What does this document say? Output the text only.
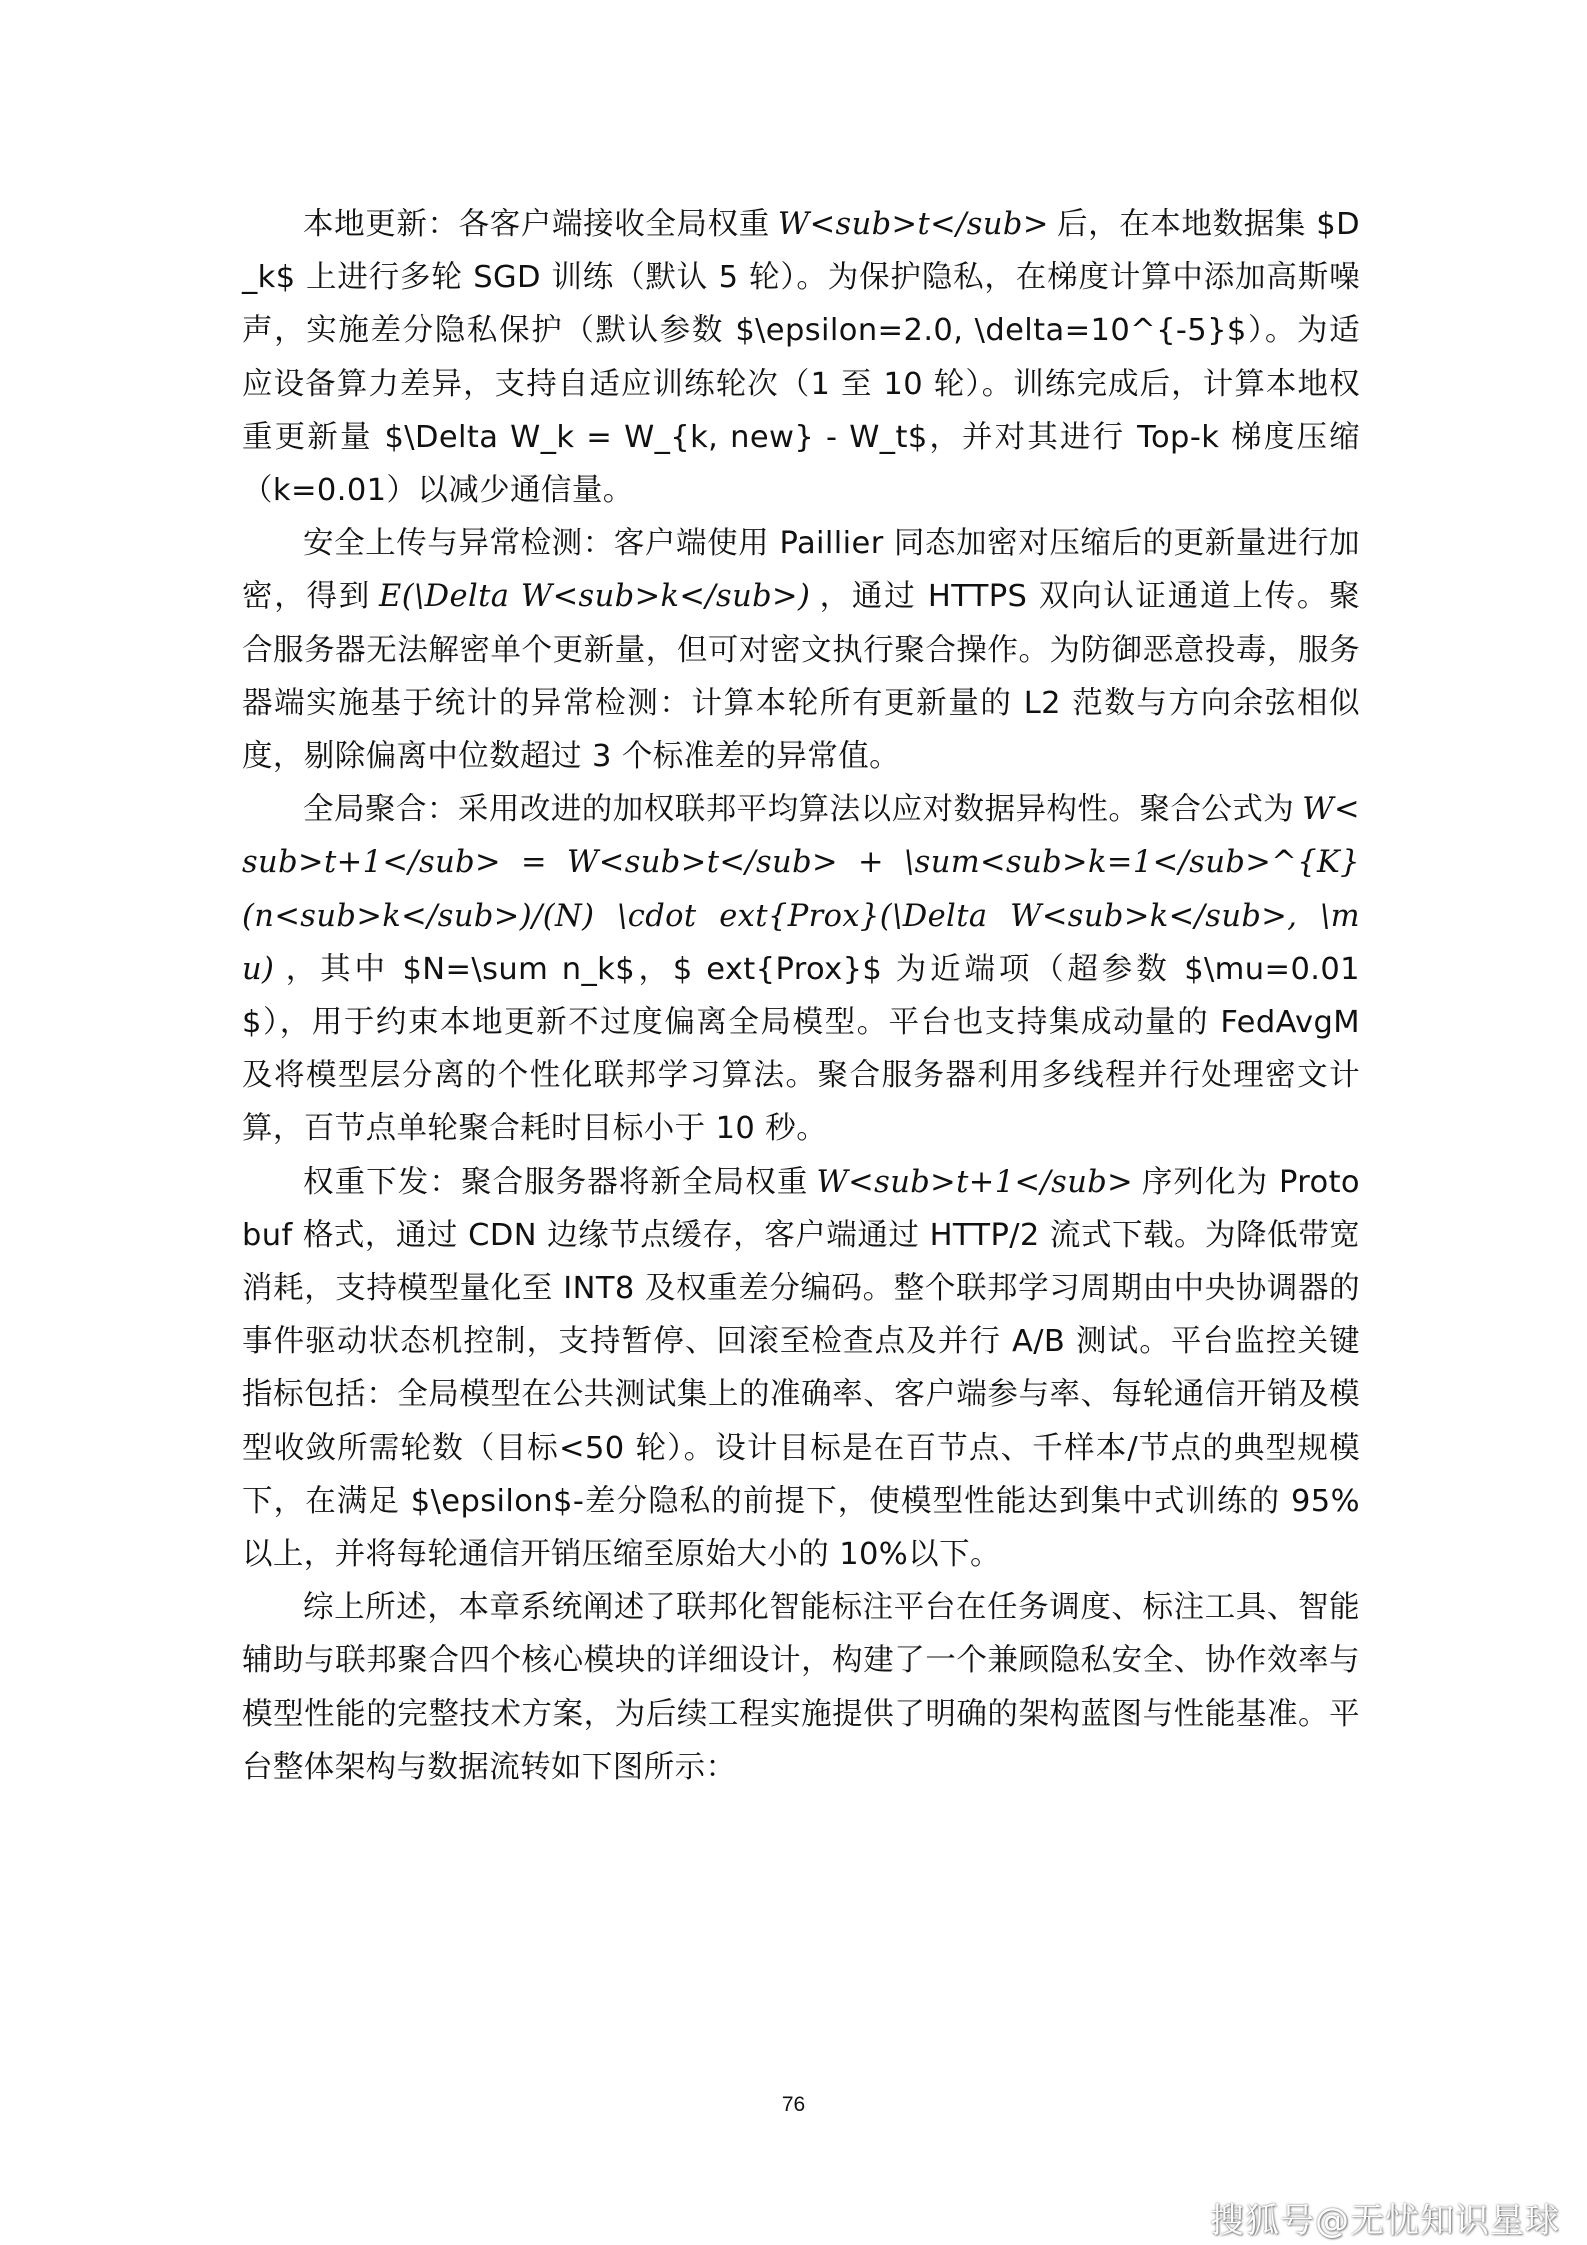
本地更新：各客户端接收全局权重 W<sub>t</sub> 后，在本地数据集 $D_k$ 上进行多轮 SGD 训练（默认 5 轮）。为保护隐私，在梯度计算中添加高斯噪声，实施差分隐私保护（默认参数 $\epsilon=2.0, \delta=10^{-5}$）。为适应设备算力差异，支持自适应训练轮次（1 至 10 轮）。训练完成后，计算本地权重更新量 $\Delta W_k = W_{k, new} - W_t$，并对其进行 Top-k 梯度压缩（k=0.01）以减少通信量。

安全上传与异常检测：客户端使用 Paillier 同态加密对压缩后的更新量进行加密，得到 E(\Delta W<sub>k</sub>) ，通过 HTTPS 双向认证通道上传。聚合服务器无法解密单个更新量，但可对密文执行聚合操作。为防御恶意投毒，服务器端实施基于统计的异常检测：计算本轮所有更新量的 L2 范数与方向余弦相似度，剔除偏离中位数超过 3 个标准差的异常值。

全局聚合：采用改进的加权联邦平均算法以应对数据异构性。聚合公式为 W<sub>t+1</sub> = W<sub>t</sub> + \sum<sub>k=1</sub>^{K} (n<sub>k</sub>)/(N) \cdot ext{Prox}(\Delta W<sub>k</sub>, \mu) ，其中 $N=\sum n_k$，$ ext{Prox}$ 为近端项（超参数 $\mu=0.01$），用于约束本地更新不过度偏离全局模型。平台也支持集成动量的 FedAvgM 及将模型层分离的个性化联邦学习算法。聚合服务器利用多线程并行处理密文计算，百节点单轮聚合耗时目标小于 10 秒。

权重下发：聚合服务器将新全局权重 W<sub>t+1</sub> 序列化为 Protobuf 格式，通过 CDN 边缘节点缓存，客户端通过 HTTP/2 流式下载。为降低带宽消耗，支持模型量化至 INT8 及权重差分编码。整个联邦学习周期由中央协调器的事件驱动状态机控制，支持暂停、回滚至检查点及并行 A/B 测试。平台监控关键指标包括：全局模型在公共测试集上的准确率、客户端参与率、每轮通信开销及模型收敛所需轮数（目标<50 轮）。设计目标是在百节点、千样本/节点的典型规模下，在满足 $\epsilon$-差分隐私的前提下，使模型性能达到集中式训练的 95%以上，并将每轮通信开销压缩至原始大小的 10%以下。

综上所述，本章系统阐述了联邦化智能标注平台在任务调度、标注工具、智能辅助与联邦聚合四个核心模块的详细设计，构建了一个兼顾隐私安全、协作效率与模型性能的完整技术方案，为后续工程实施提供了明确的架构蓝图与性能基准。平台整体架构与数据流转如下图所示：

76
搜狐号@无忧知识星球
